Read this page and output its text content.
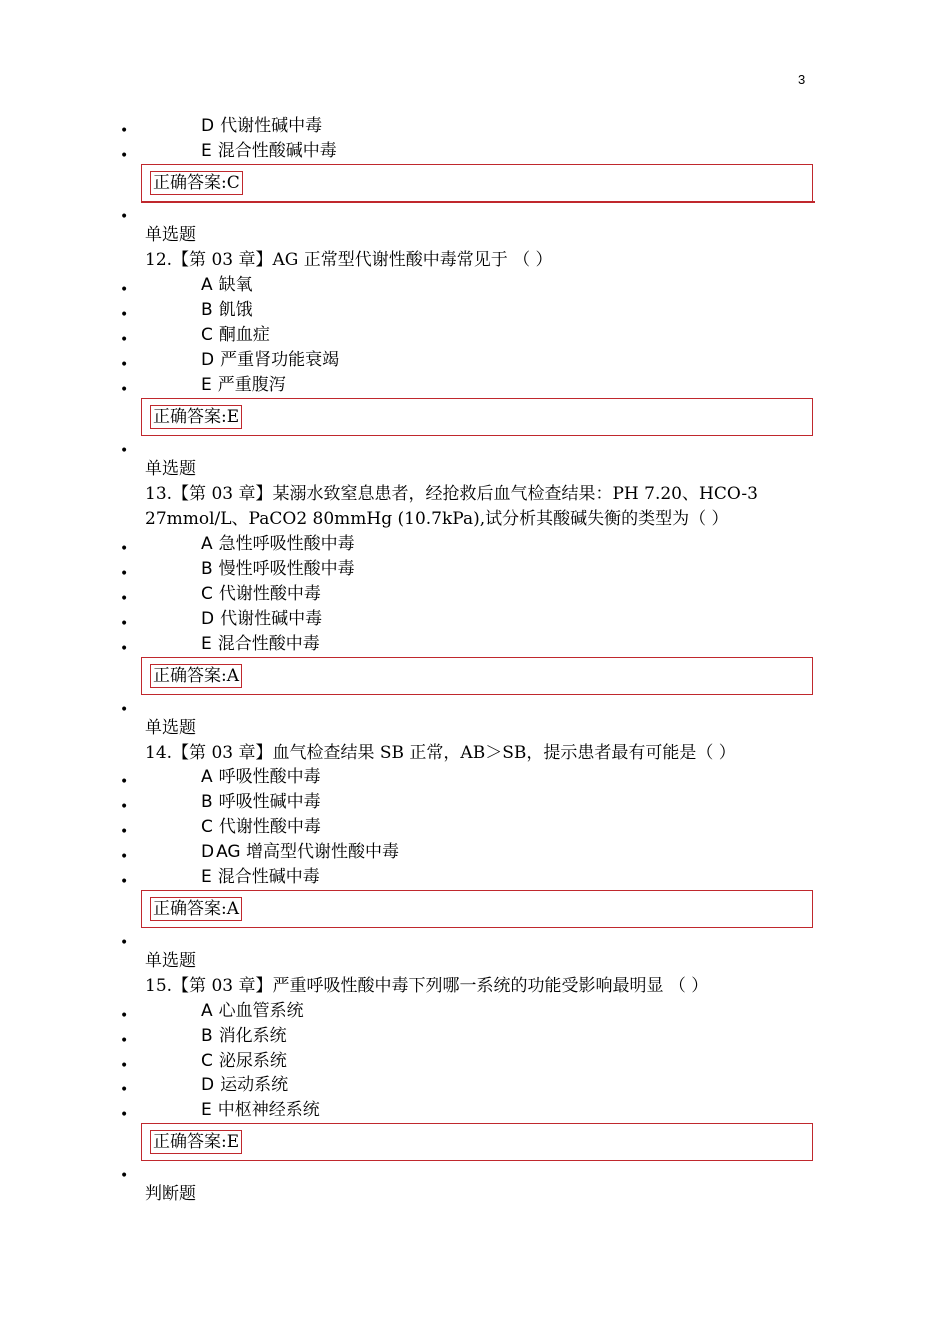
3
•	D 代谢性碱中毒
•	E 混合性酸碱中毒
正确答案:C
•
单选题
12.【第 03 章】AG 正常型代谢性酸中毒常见于 （ ）
•	A 缺氧
•	B 飢饿
•	C 酮血症
•	D 严重肾功能衰竭
•	E 严重腹泻
正确答案:E
•
单选题
13.【第 03 章】某溺水致窒息患者，经抢救后血气检查结果：PH 7.20、HCO-3
27mmol/L、PaCO2 80mmHg (10.7kPa),试分析其酸碱失衡的类型为（ ）
•	A 急性呼吸性酸中毒
•	B 慢性呼吸性酸中毒
•	C 代谢性酸中毒
•	D 代谢性碱中毒
•	E 混合性酸中毒
正确答案:A
•
单选题
14.【第 03 章】血气检查结果 SB 正常，AB＞SB，提示患者最有可能是（ ）
•	A 呼吸性酸中毒
•	B 呼吸性碱中毒
•	C 代谢性酸中毒
•	D AG 增高型代谢性酸中毒
•	E 混合性碱中毒
正确答案:A
•
单选题
15.【第 03 章】严重呼吸性酸中毒下列哪一系统的功能受影响最明显 （ ）
•	A 心血管系统
•	B 消化系统
•	C 泌尿系统
•	D 运动系统
•	E 中枢神经系统
正确答案:E
•
判断题
